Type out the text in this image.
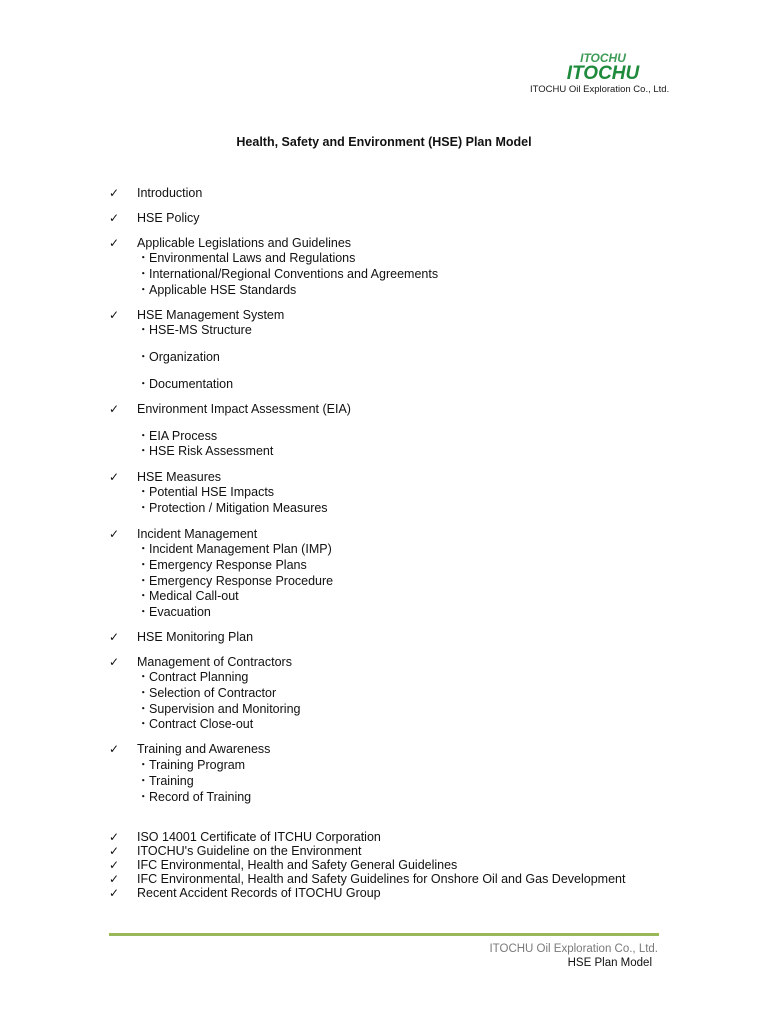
ITOCHU
ITOCHU
ITOCHU Oil Exploration Co., Ltd.
Health, Safety and Environment (HSE) Plan Model
✓ Introduction
✓ HSE Policy
✓ Applicable Legislations and Guidelines
・Environmental Laws and Regulations
・International/Regional Conventions and Agreements
・Applicable HSE Standards
✓ HSE Management System
・HSE-MS Structure
・Organization
・Documentation
✓ Environment Impact Assessment (EIA)
・EIA Process
・HSE Risk Assessment
✓ HSE Measures
・Potential HSE Impacts
・Protection / Mitigation Measures
✓ Incident Management
・Incident Management Plan (IMP)
・Emergency Response Plans
・Emergency Response Procedure
・Medical Call-out
・Evacuation
✓ HSE Monitoring Plan
✓ Management of Contractors
・Contract Planning
・Selection of Contractor
・Supervision and Monitoring
・Contract Close-out
✓ Training and Awareness
・Training Program
・Training
・Record of Training
✓ ISO 14001 Certificate of ITCHU Corporation
✓ ITOCHU's Guideline on the Environment
✓ IFC Environmental, Health and Safety General Guidelines
✓ IFC Environmental, Health and Safety Guidelines for Onshore Oil and Gas Development
✓ Recent Accident Records of ITOCHU Group
ITOCHU Oil Exploration Co., Ltd.
HSE Plan Model
